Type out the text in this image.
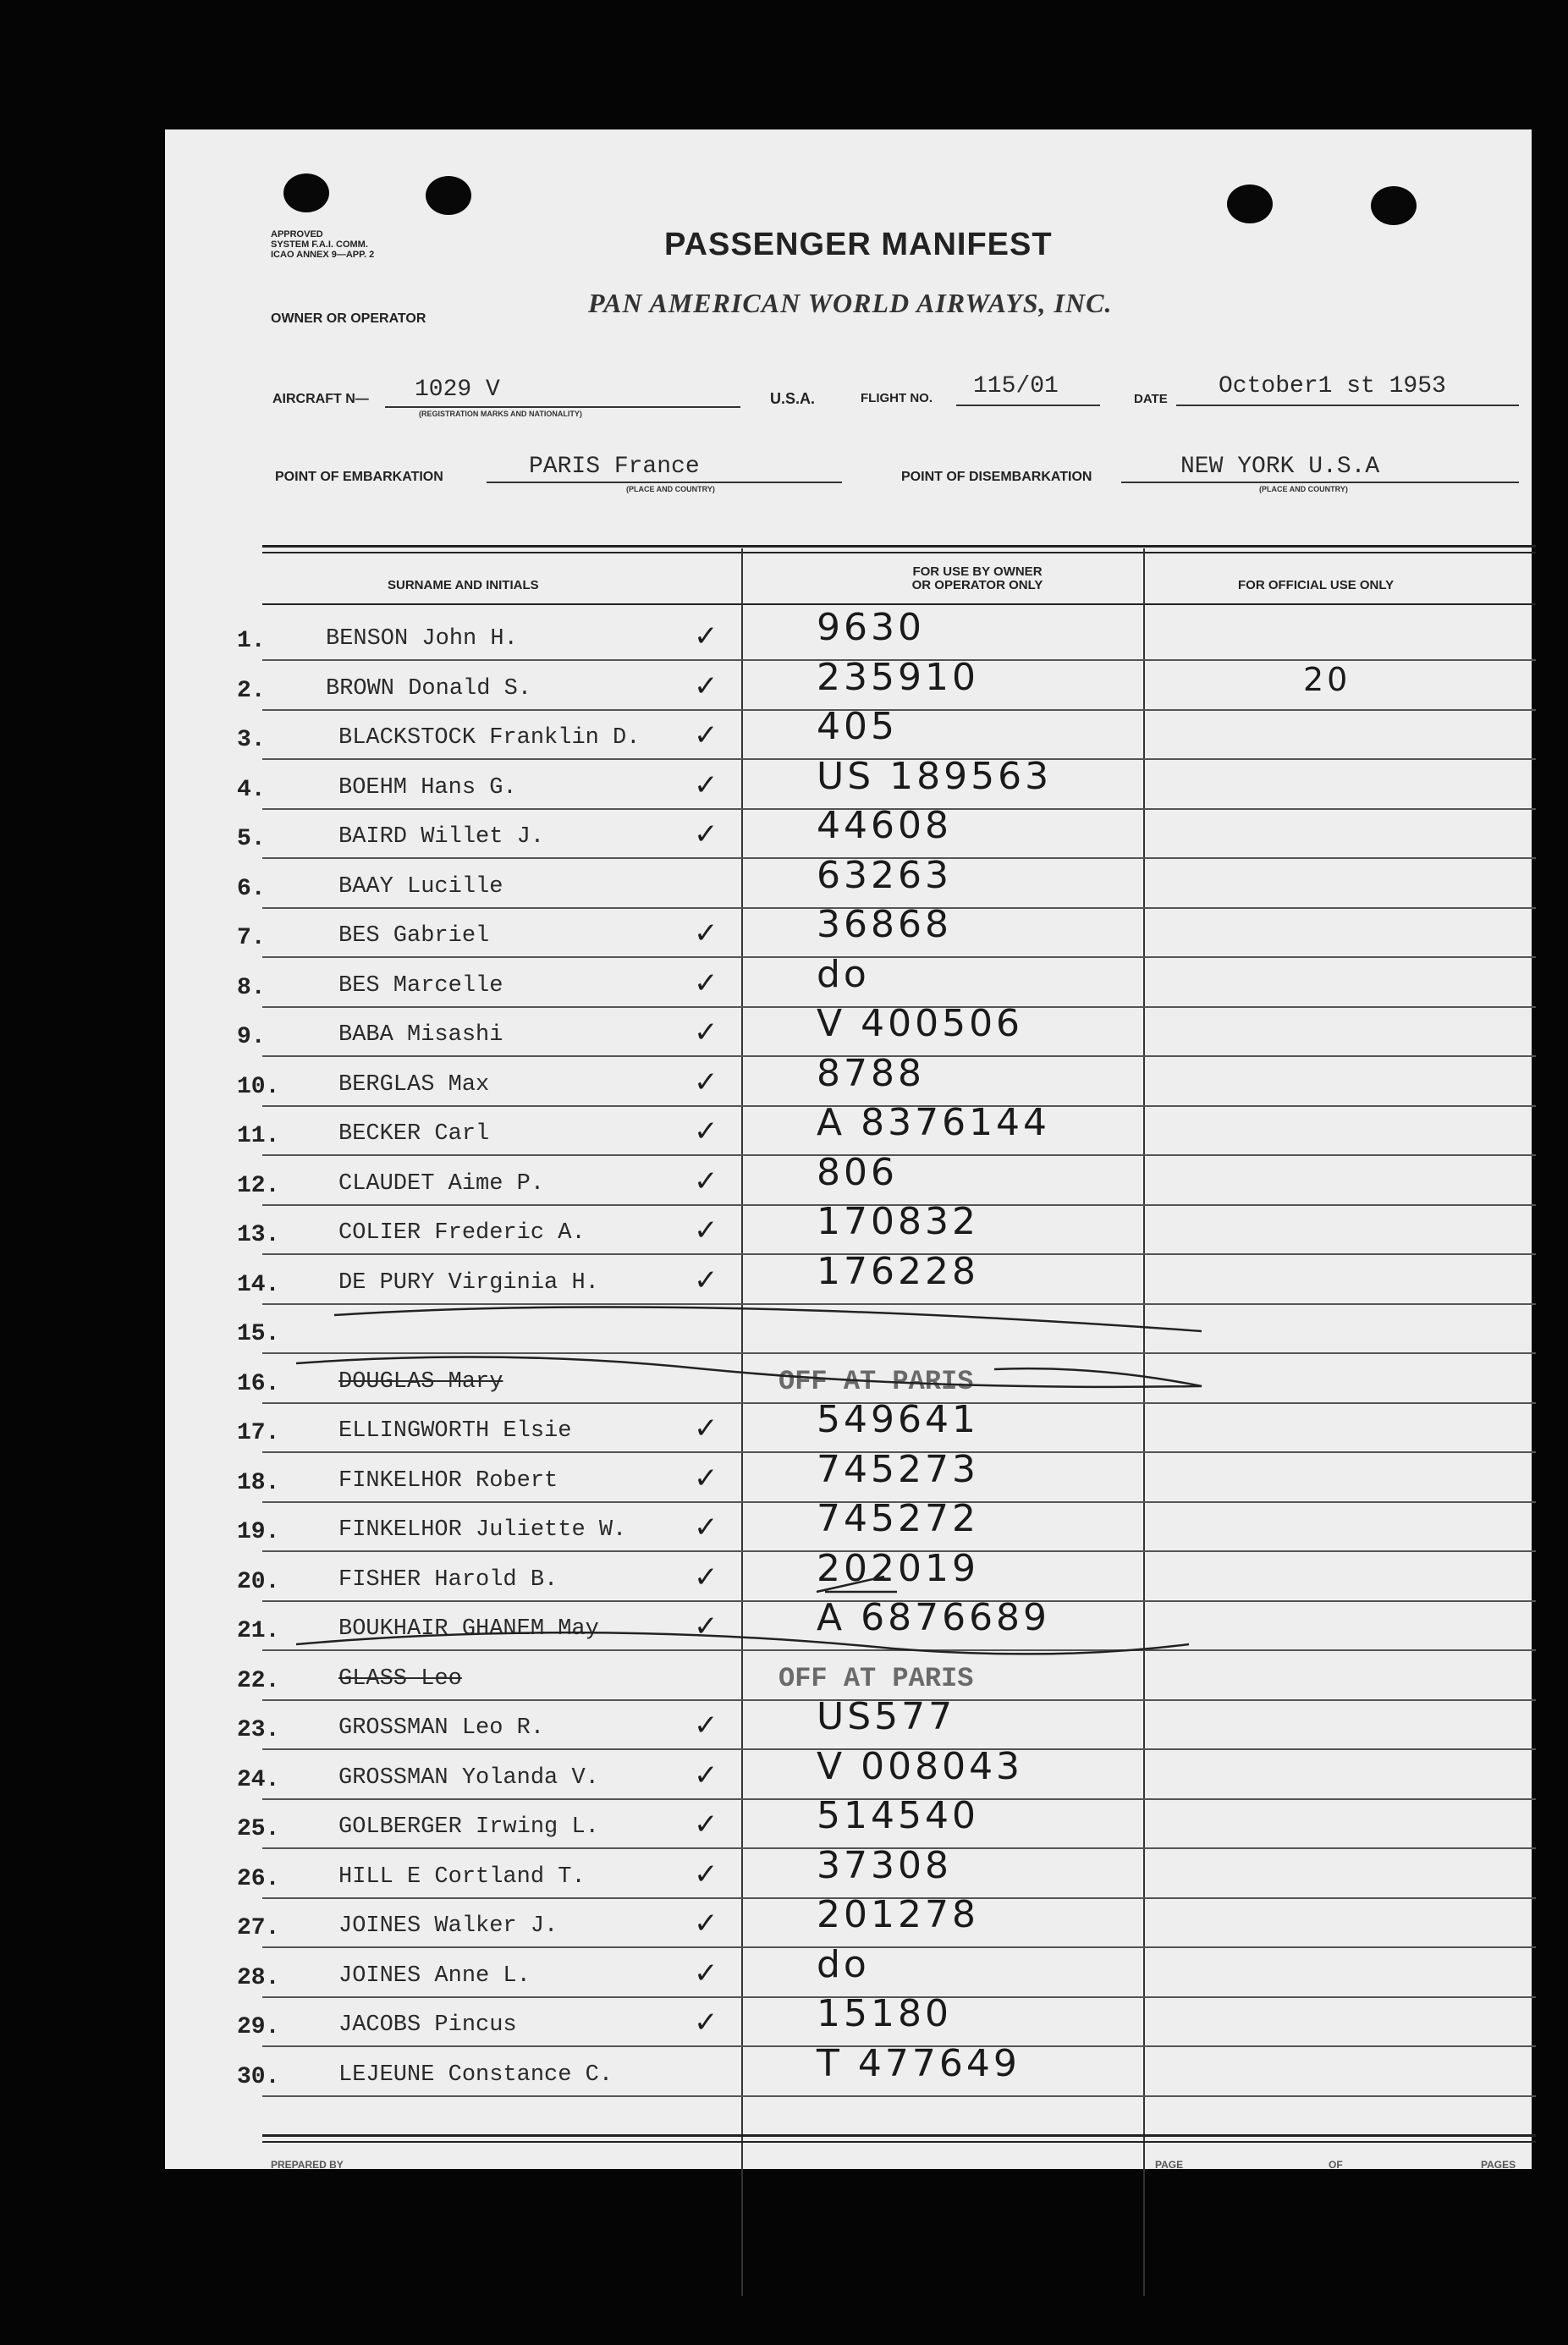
APPROVED
SYSTEM F.A.I. COMM.
ICAO ANNEX 9—APP. 2	PASSENGER MANIFEST
OWNER OR OPERATOR
PAN AMERICAN WORLD AIRWAYS, INC.
AIRCRAFT N— 1029 V
(REGISTRATION MARKS AND NATIONALITY)
U.S.A.	FLIGHT NO. 115/01	DATE October1 st 1953
POINT OF EMBARKATION	PARIS France
(PLACE AND COUNTRY)
POINT OF DISEMBARKATION	NEW YORK U.S.A
(PLACE AND COUNTRY)
SURNAME AND INITIALS
FOR USE BY OWNER
OR OPERATOR ONLY	FOR OFFICIAL USE ONLY
1.	BENSON John H.	✓	9630
2.	BROWN Donald S.	✓	235910	20
3.	BLACKSTOCK Franklin D. ✓	405
4.	BOEHM Hans G.	✓	US 189563
5.	BAIRD Willet J.	✓	44608
6.	BAAY Lucille	63263
7.	BES Gabriel	✓	36868
8.	BES Marcelle	✓	do
9.	BABA Misashi	✓	V 400506
10.	BERGLAS Max	✓	8788
11.	BECKER Carl	✓	A 8376144
12.	CLAUDET Aime P.	✓	806
13.	COLIER Frederic A.	✓	170832
14.	DE PURY Virginia H.	✓	176228
15.
16.	DOUGLAS Mary	OFF AT PARIS
17.	ELLINGWORTH Elsie	✓	549641
18.	FINKELHOR Robert	✓	745273
19.	FINKELHOR Juliette W. ✓	745272
20.	FISHER Harold B.	✓	202019
21.	BOUKHAIR GHANEM May	✓	A 6876689
22.	GLASS Leo	OFF AT PARIS
23.	GROSSMAN Leo R.	✓	US577
24.	GROSSMAN Yolanda V.	✓	V 008043
25.	GOLBERGER Irwing L.	✓	514540
26.	HILL E Cortland T.	✓	37308
27.	JOINES Walker J.	✓	201278
28.	JOINES Anne L.	✓	do
29.	JACOBS Pincus	✓	15180
30.	LEJEUNE Constance C.	T 477649
PREPARED BY	PAGE	OF	PAGES
